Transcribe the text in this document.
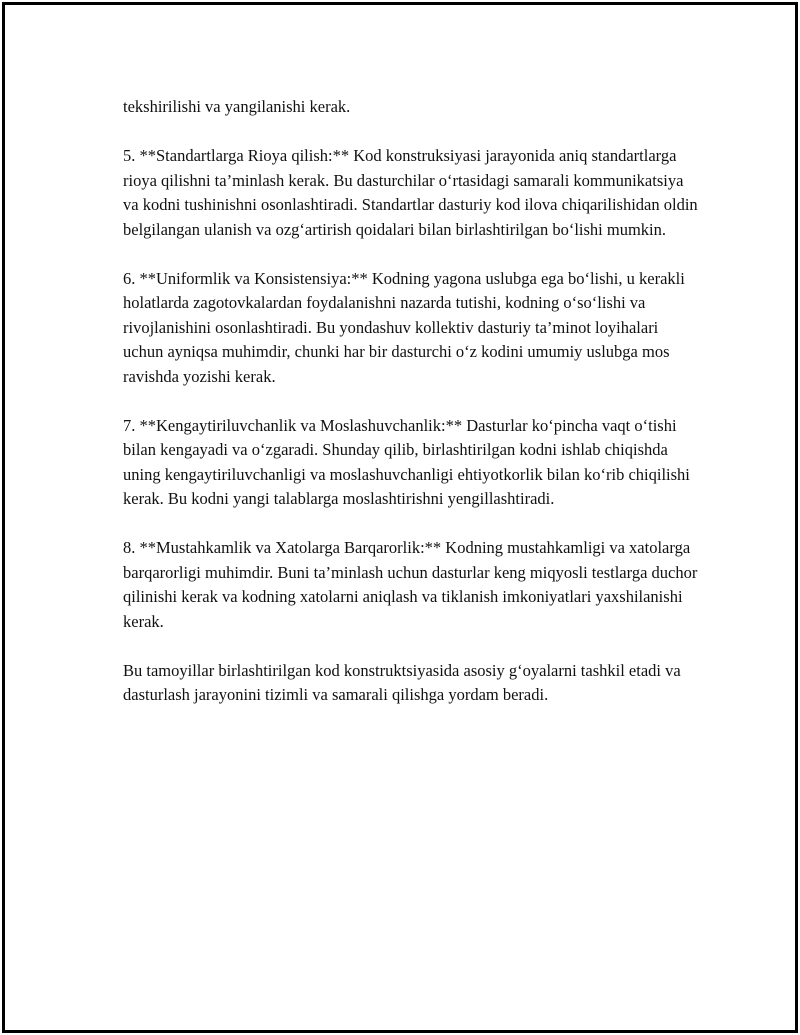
tekshirilishi va yangilanishi kerak.

5. **Standartlarga Rioya qilish:** Kod konstruksiyasi jarayonida aniq standartlarga rioya qilishni ta’minlash kerak. Bu dasturchilar o‘rtasidagi samarali kommunikatsiya va kodni tushinishni osonlashtiradi. Standartlar dasturiy kod ilova chiqarilishidan oldin belgilangan ulanish va ozg‘artirish qoidalari bilan birlashtirilgan bo‘lishi mumkin.

6. **Uniformlik va Konsistensiya:** Kodning yagona uslubga ega bo‘lishi, u kerakli holatlarda zagotovkalardan foydalanishni nazarda tutishi, kodning o‘so‘lishi va rivojlanishini osonlashtiradi. Bu yondashuv kollektiv dasturiy ta’minot loyihalari uchun ayniqsa muhimdir, chunki har bir dasturchi o‘z kodini umumiy uslubga mos ravishda yozishi kerak.

7. **Kengaytiriluvchanlik va Moslashuvchanlik:** Dasturlar ko‘pincha vaqt o‘tishi bilan kengayadi va o‘zgaradi. Shunday qilib, birlashtirilgan kodni ishlab chiqishda uning kengaytiriluvchanligi va moslashuvchanligi ehtiyotkorlik bilan ko‘rib chiqilishi kerak. Bu kodni yangi talablarga moslashtirishni yengillashtiradi.

8. **Mustahkamlik va Xatolarga Barqarorlik:** Kodning mustahkamligi va xatolarga barqarorligi muhimdir. Buni ta’minlash uchun dasturlar keng miqyosli testlarga duchor qilinishi kerak va kodning xatolarni aniqlash va tiklanish imkoniyatlari yaxshilanishi kerak.

Bu tamoyillar birlashtirilgan kod konstruktsiyasida asosiy g‘oyalarni tashkil etadi va dasturlash jarayonini tizimli va samarali qilishga yordam beradi.
